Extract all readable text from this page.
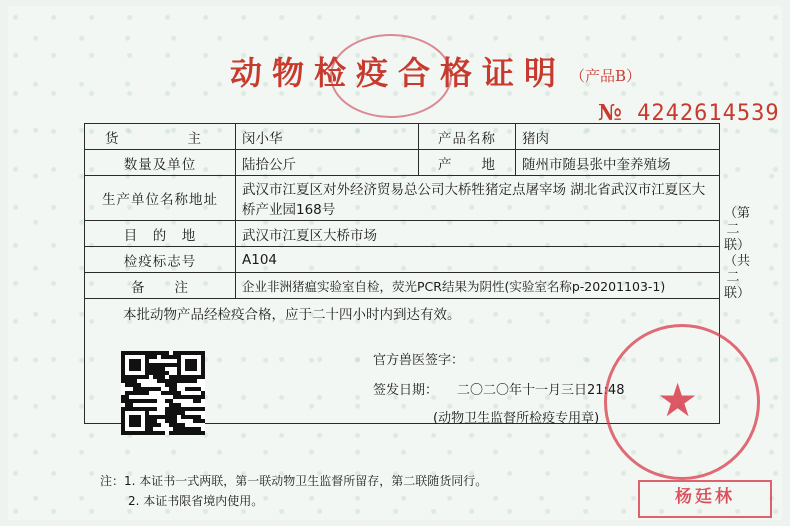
动物检疫合格证明 （产品B）
№ 4242614539
货　　主	闵小华	产品名称	猪肉
数量及单位	陆拾公斤	产　　地	随州市随县张中奎养殖场
生产单位名称地址	武汉市江夏区对外经济贸易总公司大桥牲猪定点屠宰场 湖北省武汉市江夏区大桥产业园168号		
目　的　地	武汉市江夏区大桥市场		
检疫标志号	A104		
备　　注	企业非洲猪瘟实验室自检，荧光PCR结果为阴性(实验室名称p-20201103-1)		

本批动物产品经检疫合格，应于二十四小时内到达有效。
官方兽医签字：
签发日期： 二〇二〇年十一月三日21:48
(动物卫生监督所检疫专用章)			
（第二联）（共二联）
注：1. 本证书一式两联，第一联动物卫生监督所留存，第二联随货同行。
2. 本证书限省境内使用。
★
杨廷林
